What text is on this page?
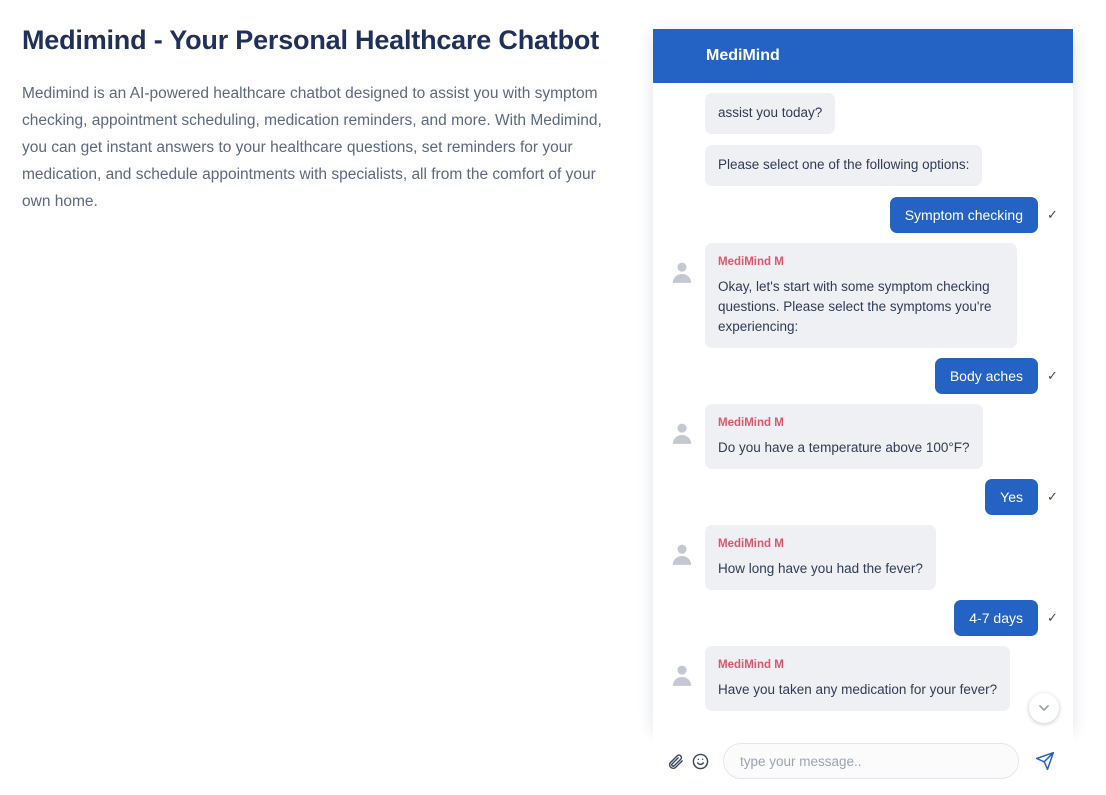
Medimind - Your Personal Healthcare Chatbot

Medimind is an AI-powered healthcare chatbot designed to assist you with symptom checking, appointment scheduling, medication reminders, and more. With Medimind, you can get instant answers to your healthcare questions, set reminders for your medication, and schedule appointments with specialists, all from the comfort of your own home.

MediMind
assist you today?
Please select one of the following options:
Symptom checking	✓
MediMind M
Okay, let's start with some symptom checking questions. Please select the symptoms you're experiencing:
Body aches	✓
MediMind M
Do you have a temperature above 100°F?
Yes	✓
MediMind M
How long have you had the fever?
4-7 days	✓
MediMind M
Have you taken any medication for your fever?
type your message..
